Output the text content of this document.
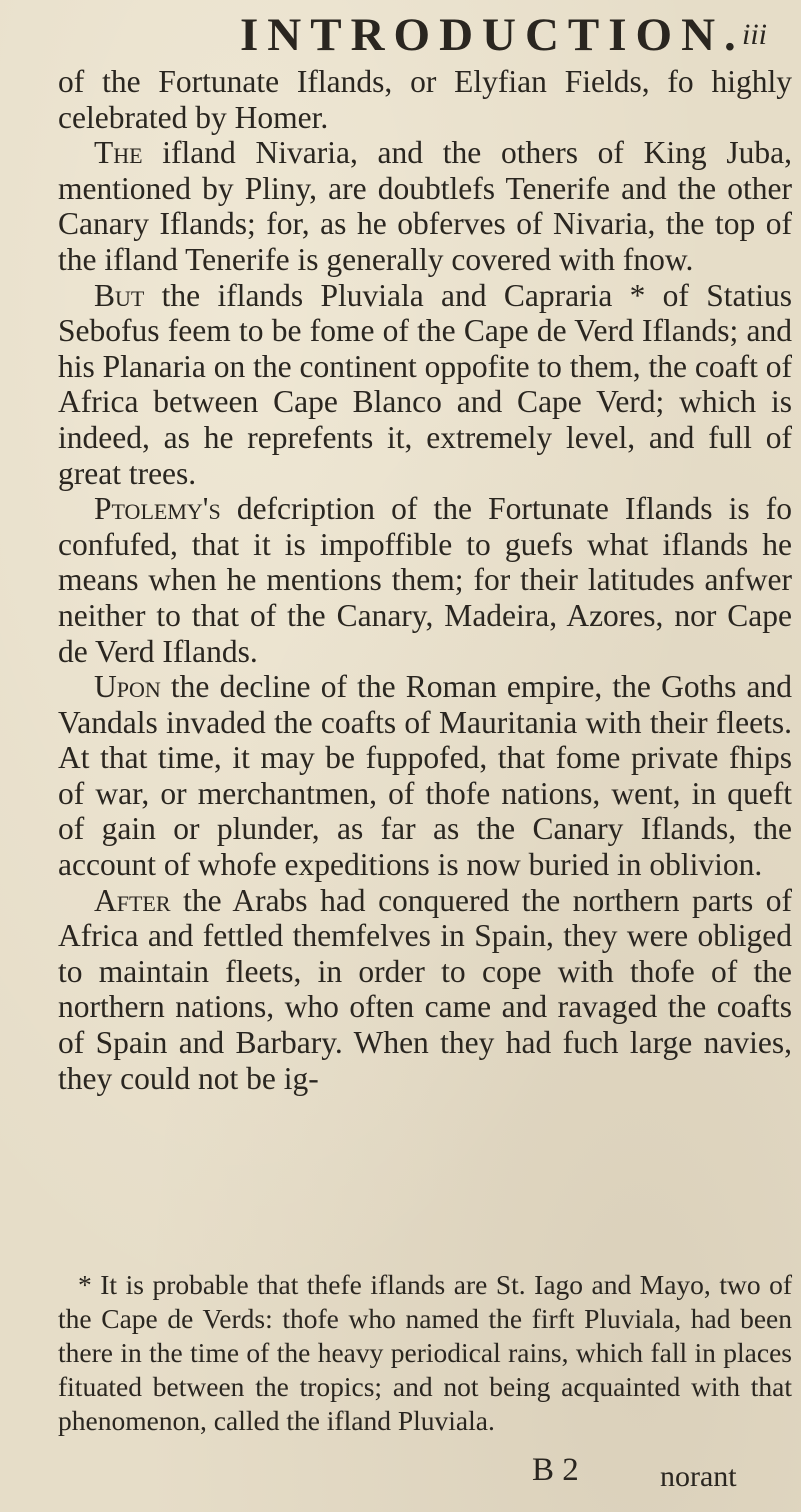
INTRODUCTION.
iii

of the Fortunate Iflands, or Elyfian Fields, fo highly celebrated by Homer.

The ifland Nivaria, and the others of King Juba, mentioned by Pliny, are doubtlefs Tenerife and the other Canary Iflands; for, as he obferves of Nivaria, the top of the ifland Tenerife is generally covered with fnow.

But the iflands Pluviala and Capraria * of Statius Sebofus feem to be fome of the Cape de Verd Iflands; and his Planaria on the continent oppofite to them, the coaft of Africa between Cape Blanco and Cape Verd; which is indeed, as he reprefents it, extremely level, and full of great trees.

Ptolemy's defcription of the Fortunate Iflands is fo confufed, that it is impoffible to guefs what iflands he means when he mentions them; for their latitudes anfwer neither to that of the Canary, Madeira, Azores, nor Cape de Verd Iflands.

Upon the decline of the Roman empire, the Goths and Vandals invaded the coafts of Mauritania with their fleets. At that time, it may be fuppofed, that fome private fhips of war, or merchantmen, of thofe nations, went, in queft of gain or plunder, as far as the Canary Iflands, the account of whofe expeditions is now buried in oblivion.

After the Arabs had conquered the northern parts of Africa and fettled themfelves in Spain, they were obliged to maintain fleets, in order to cope with thofe of the northern nations, who often came and ravaged the coafts of Spain and Barbary. When they had fuch large navies, they could not be ig-

* It is probable that thefe iflands are St. Iago and Mayo, two of the Cape de Verds: thofe who named the firft Pluviala, had been there in the time of the heavy periodical rains, which fall in places fituated between the tropics; and not being acquainted with that phenomenon, called the ifland Pluviala.

B 2	norant
